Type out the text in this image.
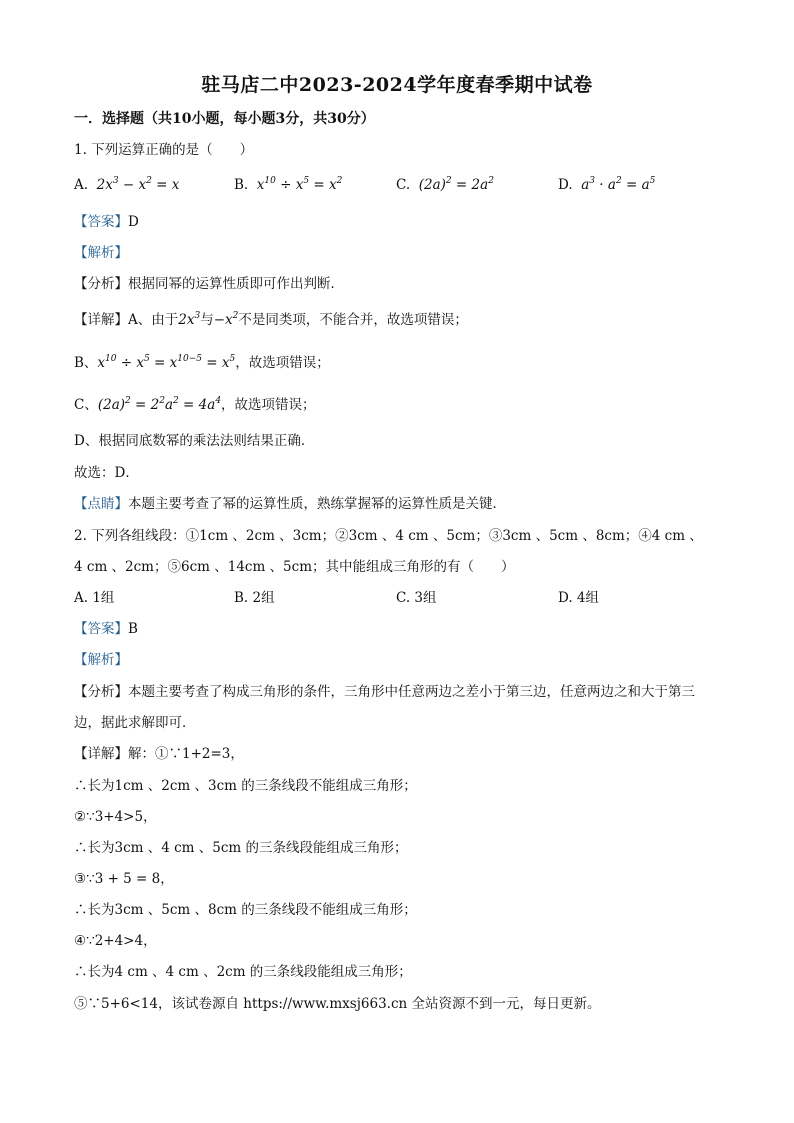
驻马店二中2023-2024学年度春季期中试卷
一．选择题（共10小题，每小题3分，共30分）
1. 下列运算正确的是（　　）
A.  $2x^3 - x^2 = x$	B.  $x^{10} \div x^5 = x^2$	C.  $(2a)^2 = 2a^2$	D.  $a^3 \cdot a^2 = a^5$
【答案】D
【解析】
【分析】根据同幂的运算性质即可作出判断．
【详解】A、由于$2x^3$与$-x^2$不是同类项，不能合并，故选项错误；
B、$x^{10} \div x^5 = x^{10-5} = x^5$，故选项错误；
C、$(2a)^2 = 2^2a^2 = 4a^4$，故选项错误；
D、根据同底数幂的乘法法则结果正确．
故选：D．
【点睛】本题主要考查了幂的运算性质，熟练掌握幂的运算性质是关键．
2. 下列各组线段：①1cm 、2cm 、3cm；②3cm 、4 cm 、5cm；③3cm 、5cm 、8cm；④4 cm 、
4 cm 、2cm；⑤6cm 、14cm 、5cm；其中能组成三角形的有（　　）
A. 1组	B. 2组	C. 3组	D. 4组
【答案】B
【解析】
【分析】本题主要考查了构成三角形的条件，三角形中任意两边之差小于第三边，任意两边之和大于第三
边，据此求解即可．
【详解】解：①∵1+2=3，
∴长为1cm 、2cm 、3cm 的三条线段不能组成三角形；
②∵3+4>5，
∴长为3cm 、4 cm 、5cm 的三条线段能组成三角形；
③∵3 + 5 = 8，
∴长为3cm 、5cm 、8cm 的三条线段不能组成三角形；
④∵2+4>4，
∴长为4 cm 、4 cm 、2cm 的三条线段能组成三角形；
⑤∵5+6<14，该试卷源自 https://www.mxsj663.cn 全站资源不到一元，每日更新。
